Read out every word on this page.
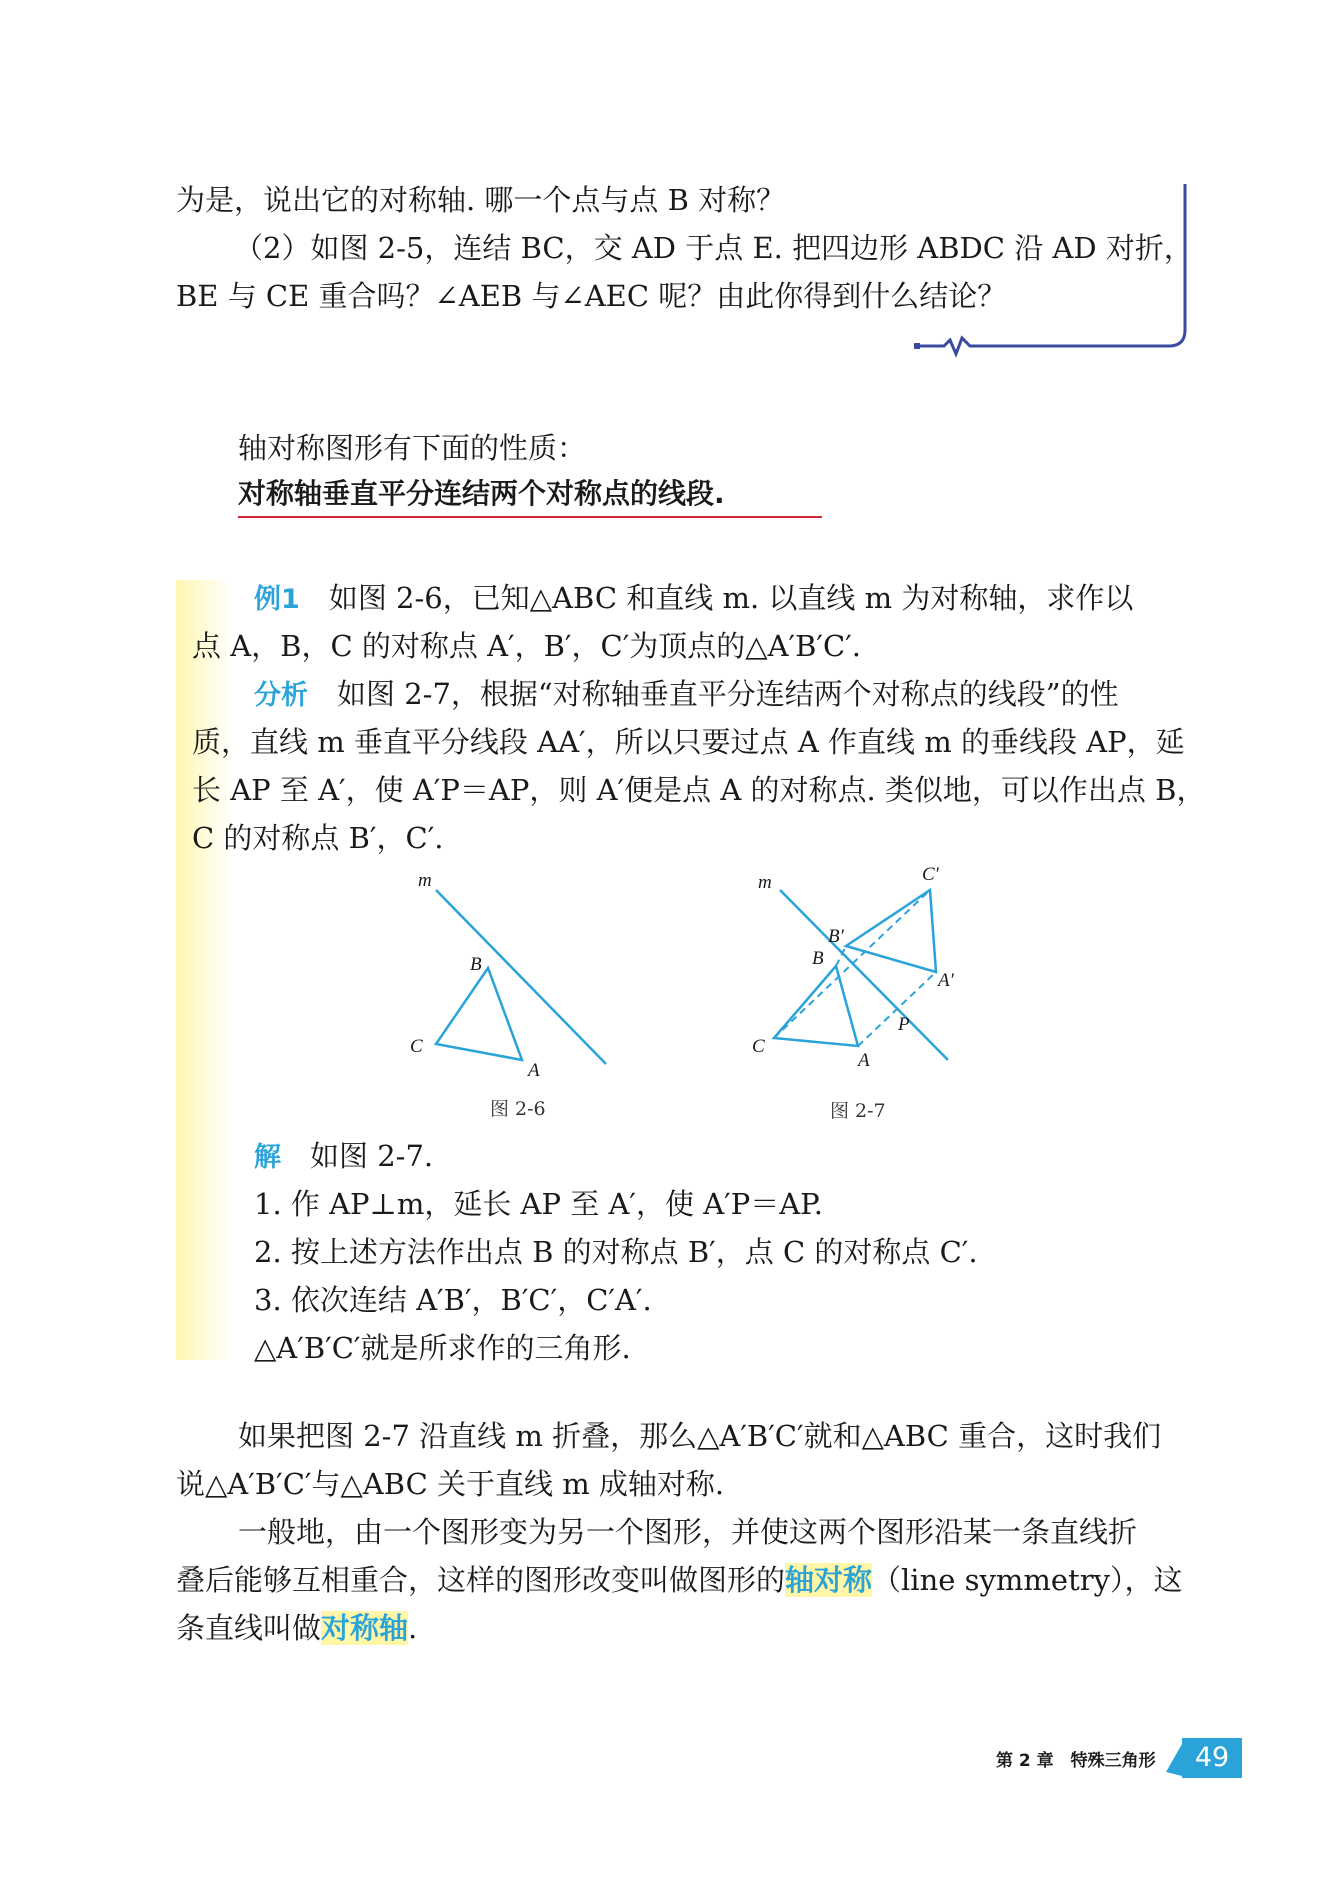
为是，说出它的对称轴. 哪一个点与点 B 对称？
（2）如图 2-5，连结 BC，交 AD 于点 E. 把四边形 ABDC 沿 AD 对折，
BE 与 CE 重合吗？∠AEB 与∠AEC 呢？由此你得到什么结论？
轴对称图形有下面的性质：
对称轴垂直平分连结两个对称点的线段.
例1　 如图 2-6，已知△ABC 和直线 m. 以直线 m 为对称轴，求作以
点 A，B，C 的对称点 A′，B′，C′为顶点的△A′B′C′.
分析　 如图 2-7，根据“对称轴垂直平分连结两个对称点的线段”的性
质，直线 m 垂直平分线段 AA′，所以只要过点 A 作直线 m 的垂线段 AP，延
长 AP 至 A′，使 A′P＝AP，则 A′便是点 A 的对称点. 类似地，可以作出点 B，
C 的对称点 B′，C′.
m
B
C
A
图 2-6
m	C′
B′
B
A′
P
C
A
图 2-7
解　 如图 2-7.
1. 作 AP⊥m，延长 AP 至 A′，使 A′P＝AP.
2. 按上述方法作出点 B 的对称点 B′，点 C 的对称点 C′.
3. 依次连结 A′B′，B′C′，C′A′.
△A′B′C′就是所求作的三角形.
如果把图 2-7 沿直线 m 折叠，那么△A′B′C′就和△ABC 重合，这时我们
说△A′B′C′与△ABC 关于直线 m 成轴对称.
一般地，由一个图形变为另一个图形，并使这两个图形沿某一条直线折
叠后能够互相重合，这样的图形改变叫做图形的轴对称（line symmetry），这
条直线叫做对称轴.
第 2 章　特殊三角形	49
